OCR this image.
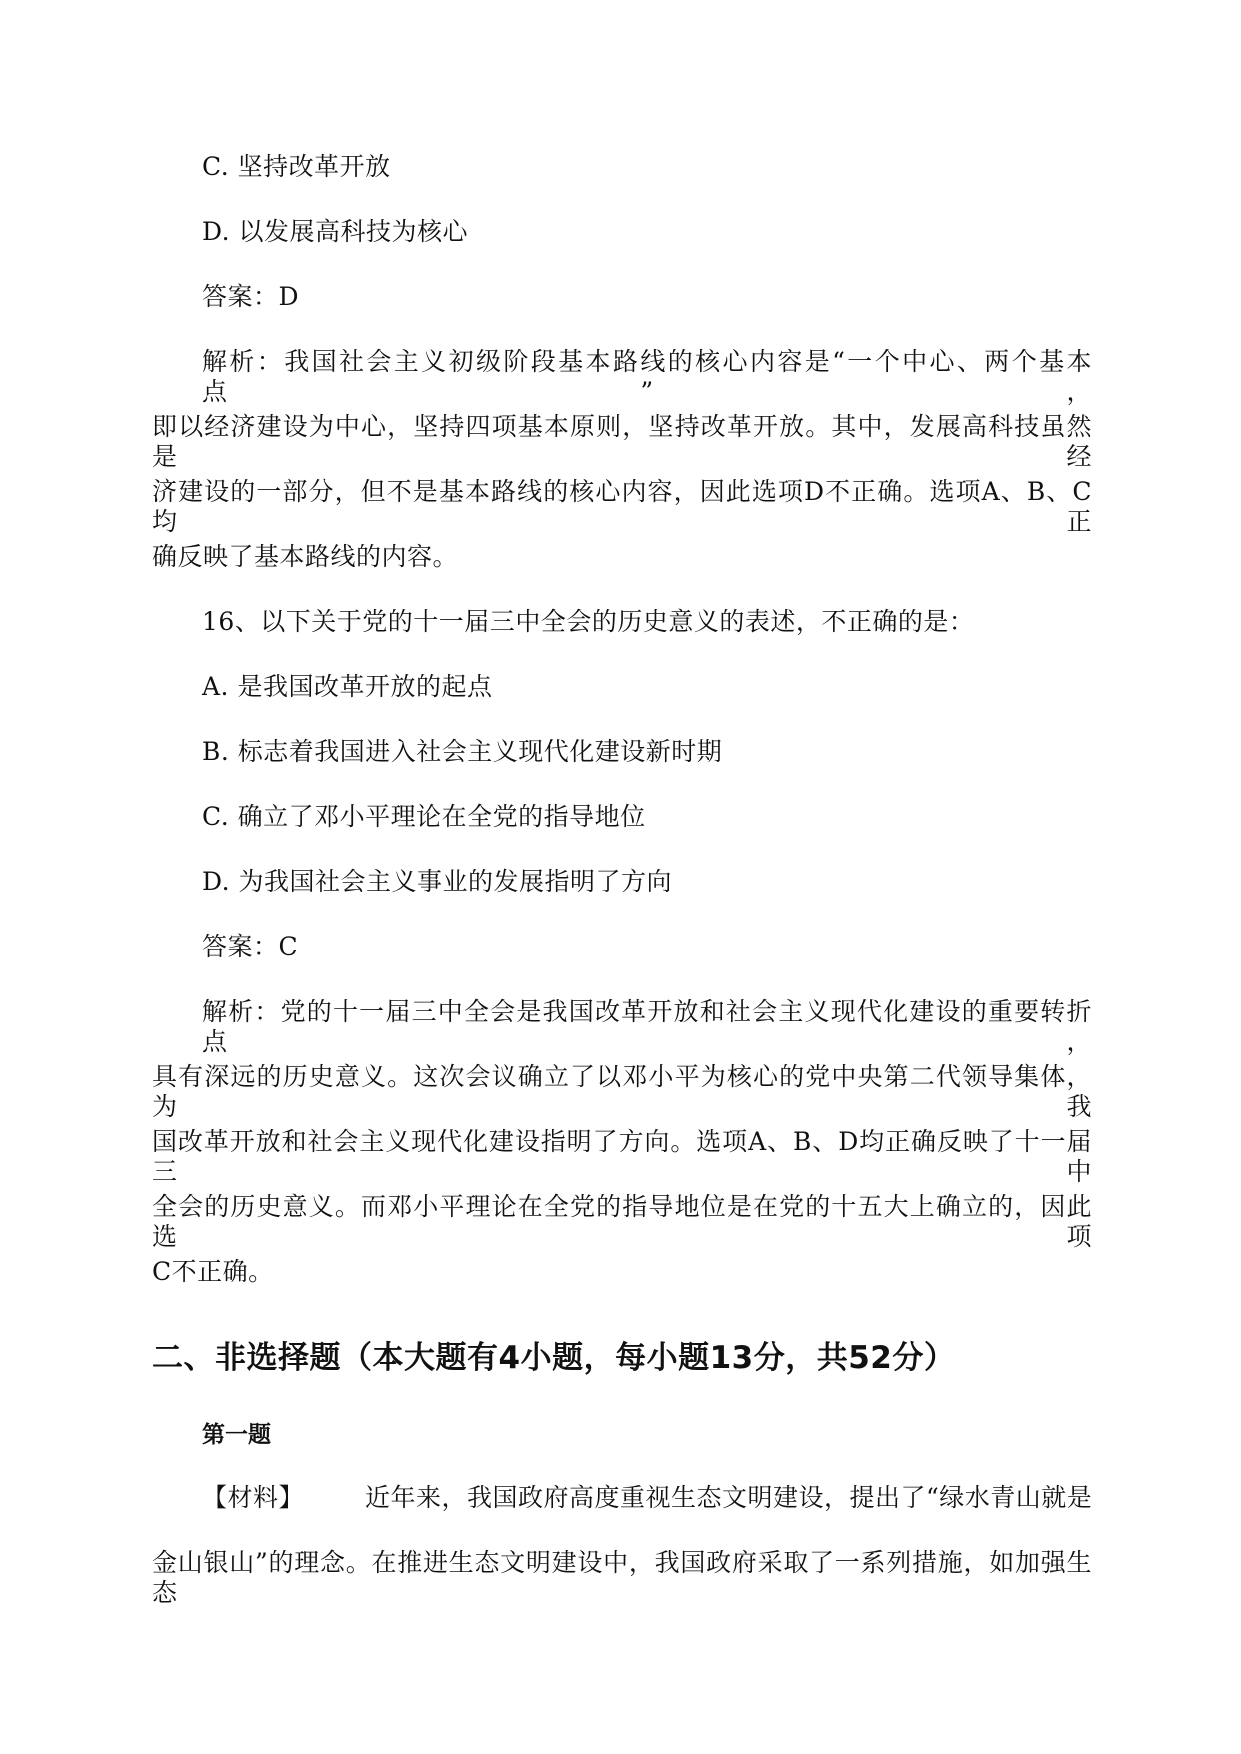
C. 坚持改革开放
D. 以发展高科技为核心
答案：D
解析：我国社会主义初级阶段基本路线的核心内容是“一个中心、两个基本点”，
即以经济建设为中心，坚持四项基本原则，坚持改革开放。其中，发展高科技虽然是经
济建设的一部分，但不是基本路线的核心内容，因此选项D不正确。选项A、B、C均正
确反映了基本路线的内容。
16、以下关于党的十一届三中全会的历史意义的表述，不正确的是：
A. 是我国改革开放的起点
B. 标志着我国进入社会主义现代化建设新时期
C. 确立了邓小平理论在全党的指导地位
D. 为我国社会主义事业的发展指明了方向
答案：C
解析：党的十一届三中全会是我国改革开放和社会主义现代化建设的重要转折点，
具有深远的历史意义。这次会议确立了以邓小平为核心的党中央第二代领导集体，为我
国改革开放和社会主义现代化建设指明了方向。选项A、B、D均正确反映了十一届三中
全会的历史意义。而邓小平理论在全党的指导地位是在党的十五大上确立的，因此选项
C不正确。
二、非选择题（本大题有4小题，每小题13分，共52分）
第一题
【材料】 近年来，我国政府高度重视生态文明建设，提出了“绿水青山就是
金山银山”的理念。在推进生态文明建设中，我国政府采取了一系列措施，如加强生态
